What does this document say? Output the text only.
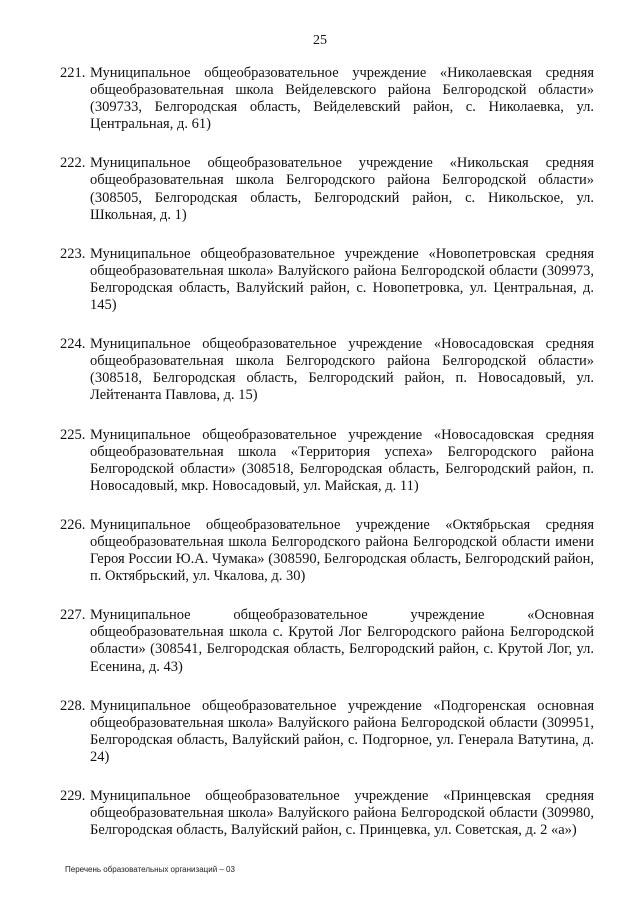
25
221. Муниципальное общеобразовательное учреждение «Николаевская средняя общеобразовательная школа Вейделевского района Белгородской области» (309733, Белгородская область, Вейделевский район, с. Николаевка, ул. Центральная, д. 61)
222. Муниципальное общеобразовательное учреждение «Никольская средняя общеобразовательная школа Белгородского района Белгородской области» (308505, Белгородская область, Белгородский район, с. Никольское, ул. Школьная, д. 1)
223. Муниципальное общеобразовательное учреждение «Новопетровская средняя общеобразовательная школа» Валуйского района Белгородской области (309973, Белгородская область, Валуйский район, с. Новопетровка, ул. Центральная, д. 145)
224. Муниципальное общеобразовательное учреждение «Новосадовская средняя общеобразовательная школа Белгородского района Белгородской области» (308518, Белгородская область, Белгородский район, п. Новосадовый, ул. Лейтенанта Павлова, д. 15)
225. Муниципальное общеобразовательное учреждение «Новосадовская средняя общеобразовательная школа «Территория успеха» Белгородского района Белгородской области» (308518, Белгородская область, Белгородский район, п. Новосадовый, мкр. Новосадовый, ул. Майская, д. 11)
226. Муниципальное общеобразовательное учреждение «Октябрьская средняя общеобразовательная школа Белгородского района Белгородской области имени Героя России Ю.А. Чумака» (308590, Белгородская область, Белгородский район, п. Октябрьский, ул. Чкалова, д. 30)
227. Муниципальное общеобразовательное учреждение «Основная общеобразовательная школа с. Крутой Лог Белгородского района Белгородской области» (308541, Белгородская область, Белгородский район, с. Крутой Лог, ул. Есенина, д. 43)
228. Муниципальное общеобразовательное учреждение «Подгоренская основная общеобразовательная школа» Валуйского района Белгородской области (309951, Белгородская область, Валуйский район, с. Подгорное, ул. Генерала Ватутина, д. 24)
229. Муниципальное общеобразовательное учреждение «Принцевская средняя общеобразовательная школа» Валуйского района Белгородской области (309980, Белгородская область, Валуйский район, с. Принцевка, ул. Советская, д. 2 «а»)
Перечень образовательных организаций – 03
